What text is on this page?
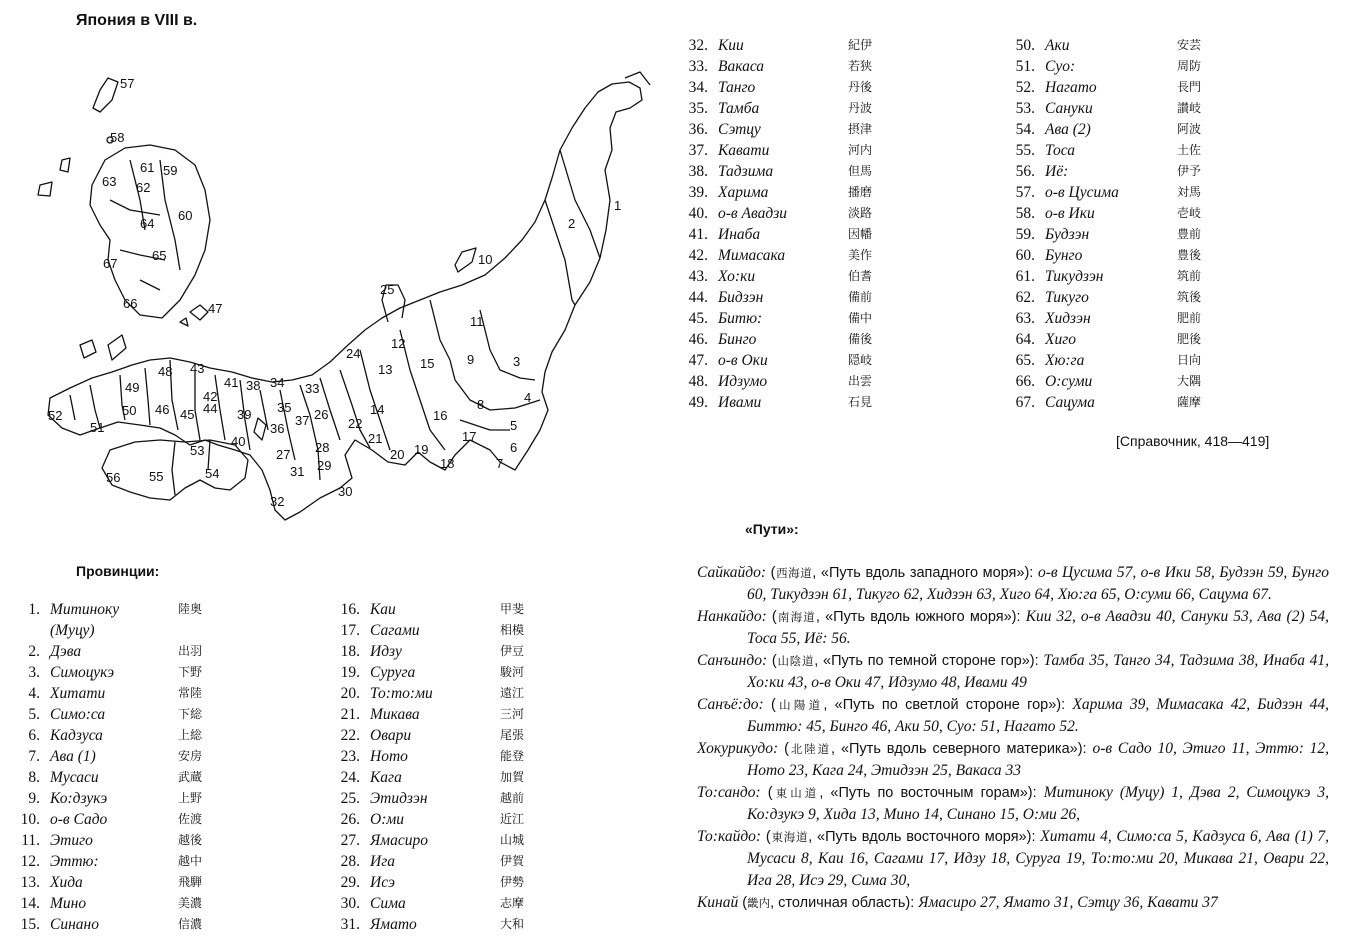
Япония в VIII в.
57
58
61 59
63 62
60
64
65
67
66	47
10
1
2
25
11
12
24
13 15	9	3
43
41 38 34 33
48
49
42
46
50	45	39 35 26
44
52
51	37
36
53
40	28
22
14	16
8	4
21
19
17
5
6
7
18
20
27
29
54	31
56 55
32
30
Провинции:
1. Митиноку	陸奥
(Муцу)
2. Дэва	出羽
3. Симоцукэ	下野
4. Хитати	常陸
5. Симо:са	下総
6. Кадзуса	上総
7. Ава (1)	安房
8. Мусаси	武蔵
9. Ко:дзукэ	上野
10. о-в Садо	佐渡
11. Этиго	越後
12. Эттю:	越中
13. Хида	飛騨
14. Мино	美濃
15. Синано	信濃
16. Каи	甲斐
17. Сагами	相模
18. Идзу	伊豆
19. Суруга	駿河
20. То:то:ми	遠江
21. Микава	三河
22. Овари	尾張
23. Ното	能登
24. Кага	加賀
25. Этидзэн	越前
26. О:ми	近江
27. Ямасиро	山城
28. Ига	伊賀
29. Исэ	伊勢
30. Сима	志摩
31. Ямато	大和
32. Кии	紀伊
33. Вакаса	若狭
34. Танго	丹後
35. Тамба	丹波
36. Сэтцу	摂津
37. Кавати	河内
38. Тадзима	但馬
39. Харима	播磨
40. о-в Авадзи	淡路
41. Инаба	因幡
42. Мимасака	美作
43. Хо:ки	伯耆
44. Бидзэн	備前
45. Битю:	備中
46. Бинго	備後
47. о-в Оки	隠岐
48. Идзумо	出雲
49. Ивами	石見
50. Аки	安芸
51. Суо:	周防
52. Нагато	長門
53. Сануки	讃岐
54. Ава (2)	阿波
55. Тоса	土佐
56. Иё:	伊予
57. о-в Цусима	対馬
58. о-в Ики	壱岐
59. Будзэн	豊前
60. Бунго	豊後
61. Тикудзэн	筑前
62. Тикуго	筑後
63. Хидзэн	肥前
64. Хиго	肥後
65. Хю:га	日向
66. О:суми	大隅
67. Сацума	薩摩
[Справочник, 418—419]
«Пути»:

Сайкайдо: (西海道, «Путь вдоль западного моря»): о-в Цусима 57, о-в Ики 58, Будзэн 59, Бунго 60, Тикудзэн 61, Тикуго 62, Хидзэн 63, Хиго 64, Хю:га 65, О:суми 66, Сацума 67.

Нанкайдо: (南海道, «Путь вдоль южного моря»): Кии 32, о-в Авадзи 40, Сануки 53, Ава (2) 54, Тоса 55, Иё: 56.

Санъиндо: (山陰道, «Путь по темной стороне гор»): Тамба 35, Танго 34, Тадзима 38, Инаба 41, Хо:ки 43, о-в Оки 47, Идзумо 48, Ивами 49

Санъё:до: (山陽道, «Путь по светлой стороне гор»): Харима 39, Мимасака 42, Бидзэн 44, Биттю: 45, Бинго 46, Аки 50, Суо: 51, Нагато 52.

Хокурикудо: (北陸道, «Путь вдоль северного материка»): о-в Садо 10, Этиго 11, Эттю: 12, Ното 23, Кага 24, Этидзэн 25, Вакаса 33

То:сандо: (東山道, «Путь по восточным горам»): Митиноку (Муцу) 1, Дэва 2, Симоцукэ 3, Ко:дзукэ 9, Хида 13, Мино 14, Синано 15, О:ми 26,

То:кайдо: (東海道, «Путь вдоль восточного моря»): Хитати 4, Симо:са 5, Кадзуса 6, Ава (1) 7, Мусаси 8, Каи 16, Сагами 17, Идзу 18, Суруга 19, То:то:ми 20, Микава 21, Овари 22, Ига 28, Исэ 29, Сима 30,

Кинай (畿内, столичная область): Ямасиро 27, Ямато 31, Сэтцу 36, Кавати 37
